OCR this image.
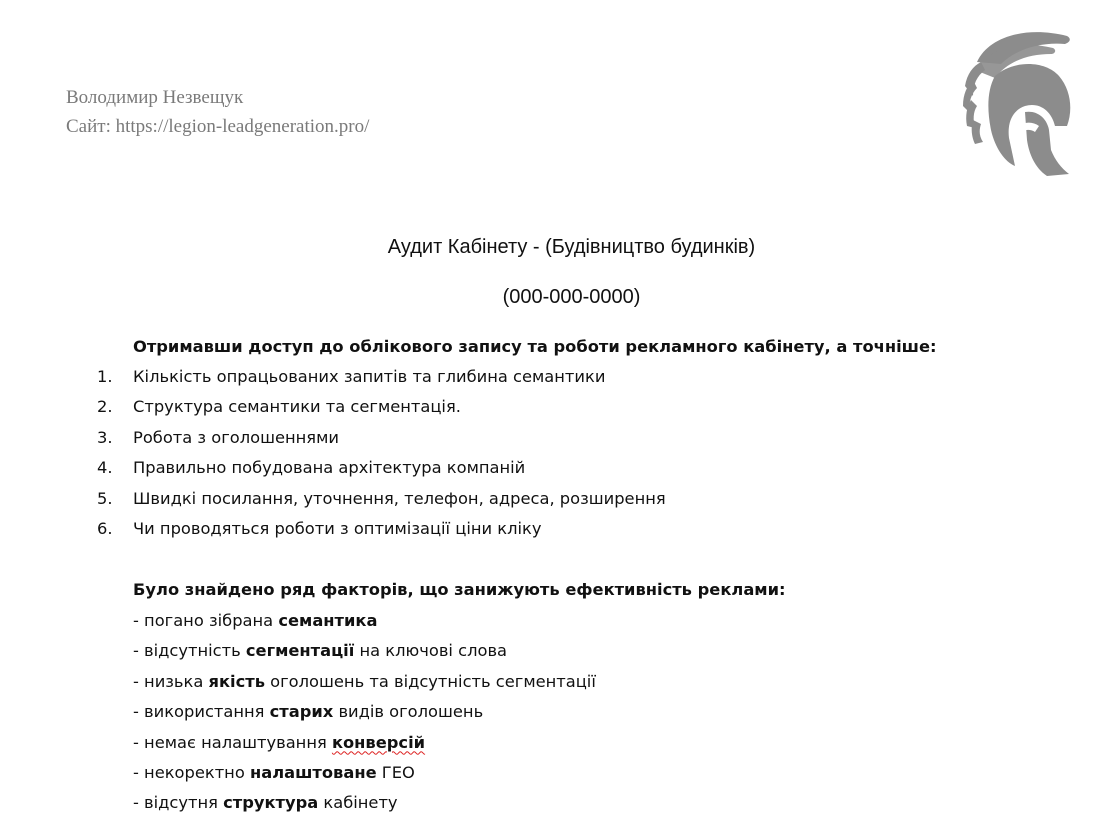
Володимир Незвещук
Сайт: https://legion-leadgeneration.pro/
Аудит Кабінету - (Будівництво будинків)
(000-000-0000)
Отримавши доступ до облікового запису та роботи рекламного кабінету, а точніше:
1.	Кількість опрацьованих запитів та глибина семантики
2.	Структура семантики та сегментація.
3.	Робота з оголошеннями
4.	Правильно побудована архітектура компаній
5.	Швидкі посилання, уточнення, телефон, адреса, розширення
6.	Чи проводяться роботи з оптимізації ціни кліку
Було знайдено ряд факторів, що занижують ефективність реклами:
- погано зібрана семантика
- відсутність сегментації на ключові слова
- низька якість оголошень та відсутність сегментації
- використання старих видів оголошень
- немає налаштування конверсій
- некоректно налаштоване ГЕО
- відсутня структура кабінету
